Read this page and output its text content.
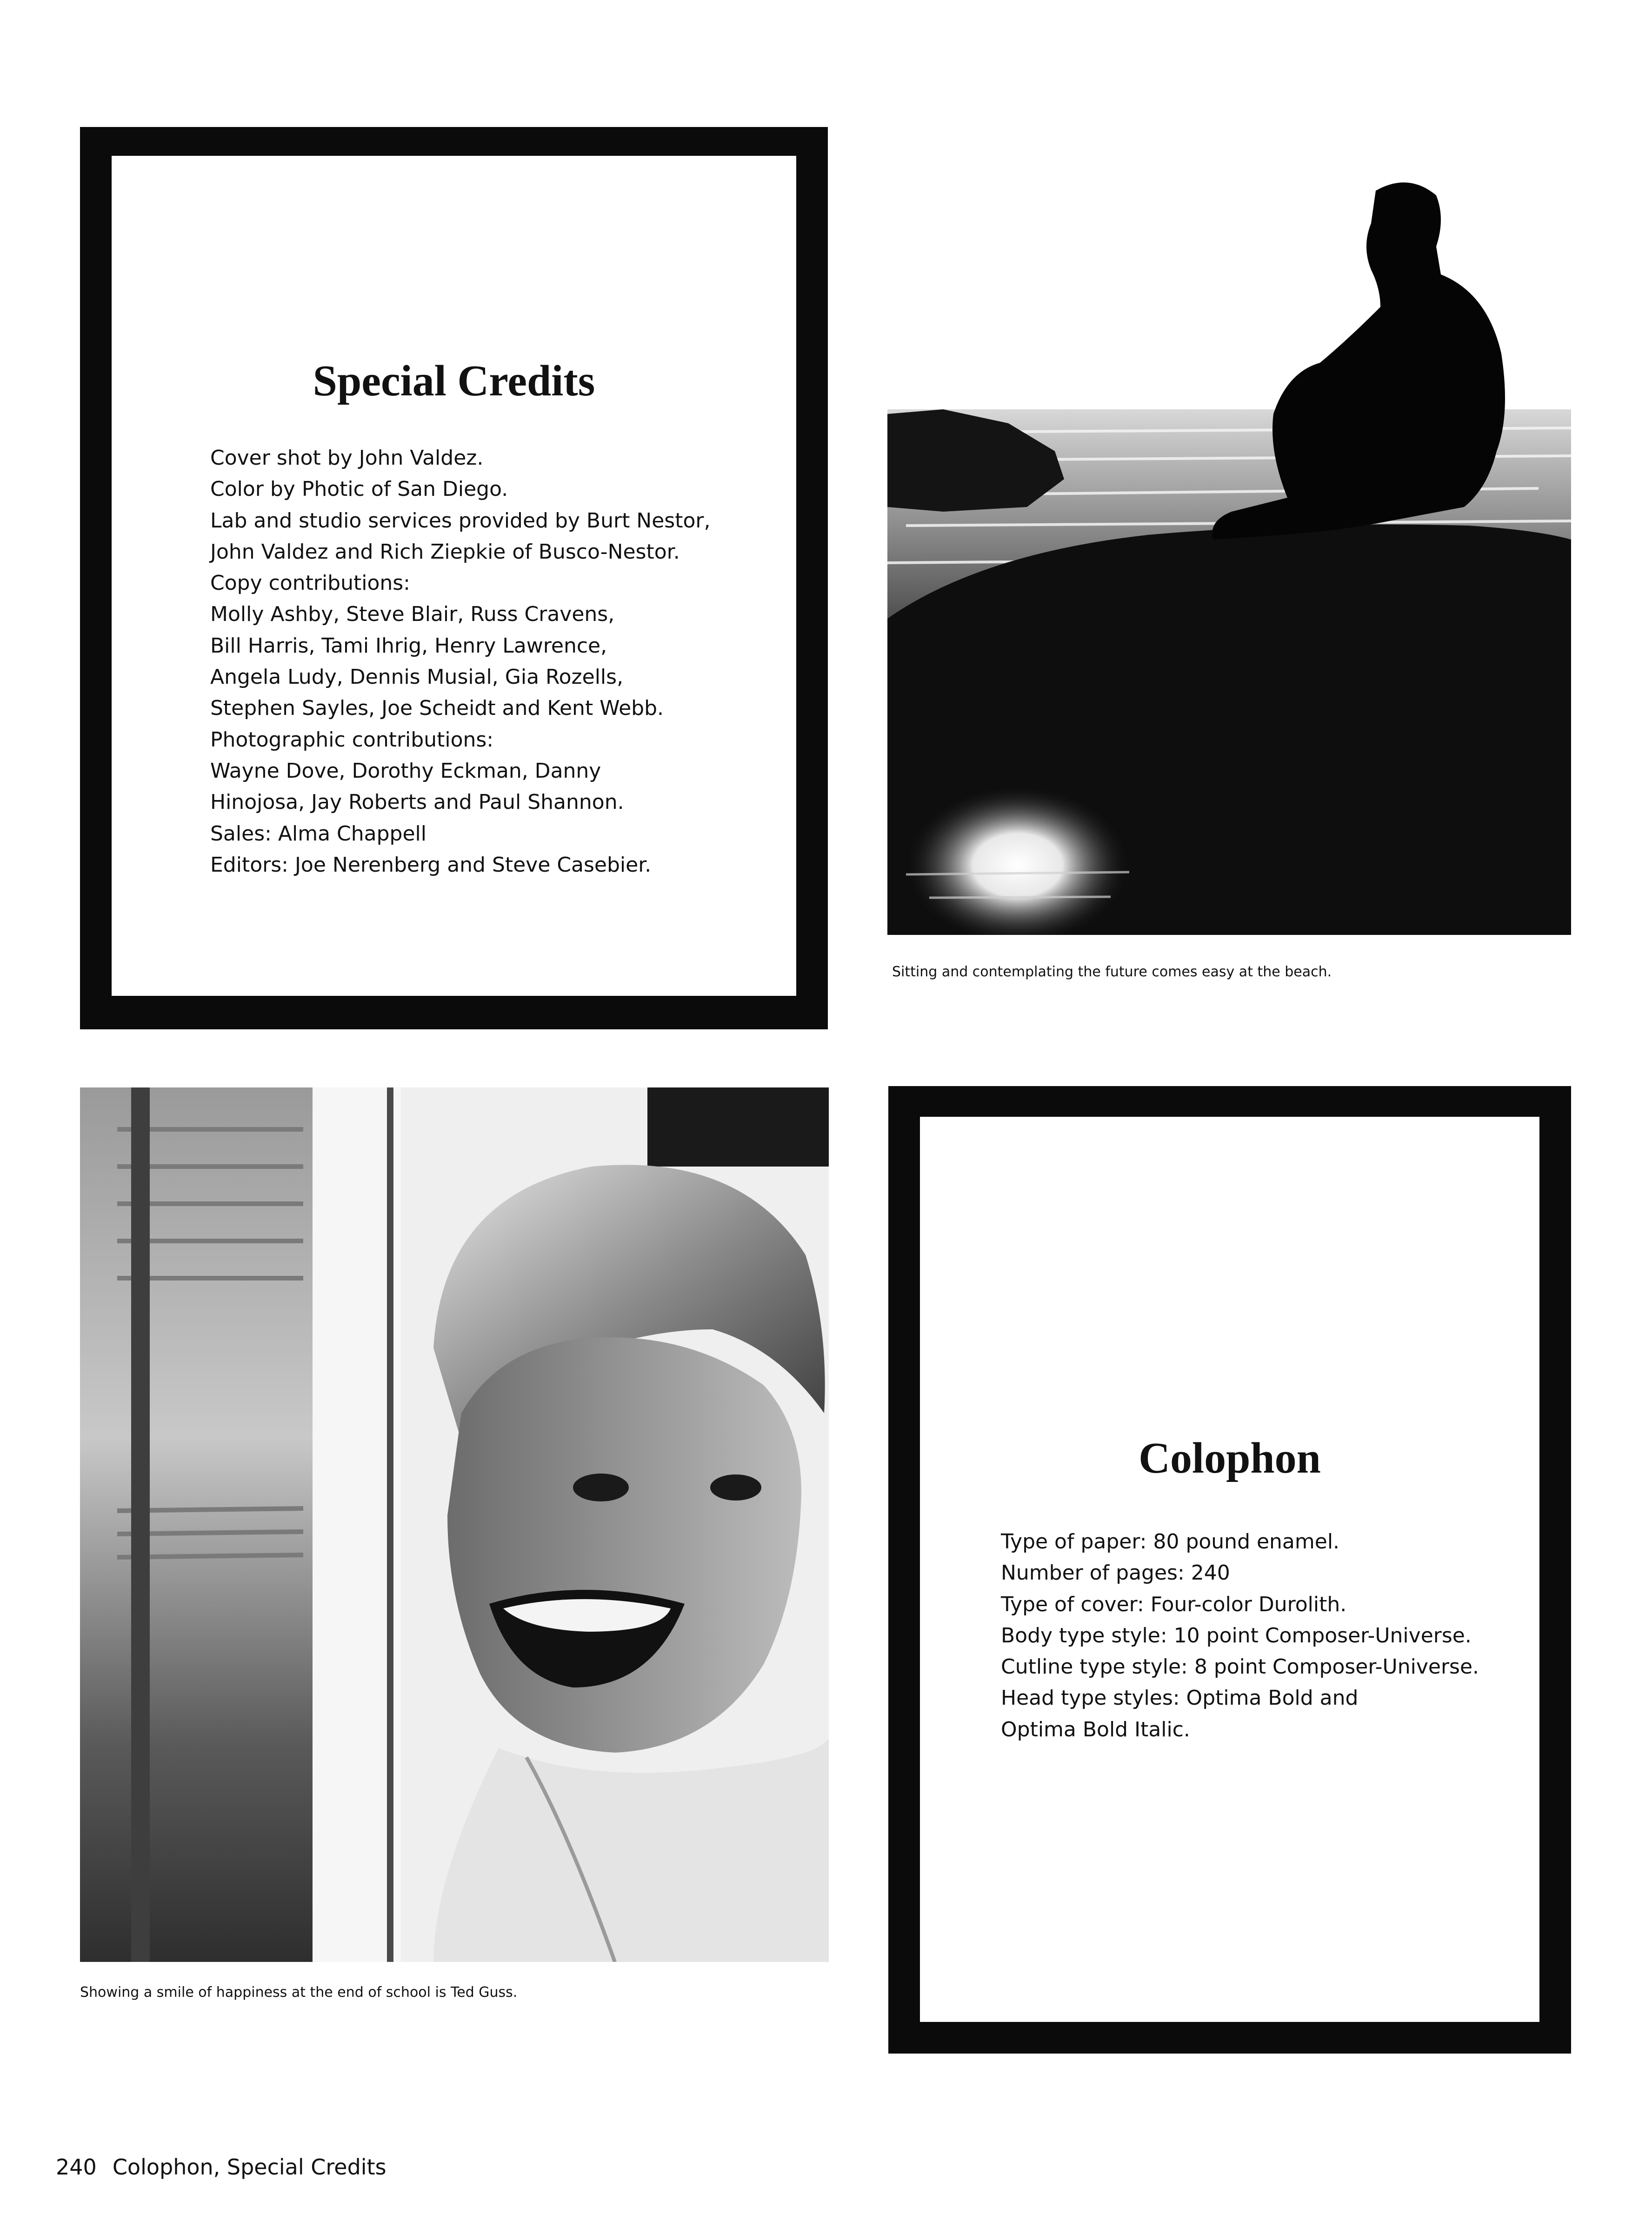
Special Credits
Cover shot by John Valdez.
Color by Photic of San Diego.
Lab and studio services provided by Burt Nestor,
John Valdez and Rich Ziepkie of Busco-Nestor.
Copy contributions:
Molly Ashby, Steve Blair, Russ Cravens,
Bill Harris, Tami Ihrig, Henry Lawrence,
Angela Ludy, Dennis Musial, Gia Rozells,
Stephen Sayles, Joe Scheidt and Kent Webb.
Photographic contributions:
Wayne Dove, Dorothy Eckman, Danny
Hinojosa, Jay Roberts and Paul Shannon.
Sales: Alma Chappell
Editors: Joe Nerenberg and Steve Casebier.
Sitting and contemplating the future comes easy at the beach.
Showing a smile of happiness at the end of school is Ted Guss.
Colophon
Type of paper: 80 pound enamel.
Number of pages: 240
Type of cover: Four-color Durolith.
Body type style: 10 point Composer-Universe.
Cutline type style: 8 point Composer-Universe.
Head type styles: Optima Bold and
Optima Bold Italic.
240 Colophon, Special Credits
